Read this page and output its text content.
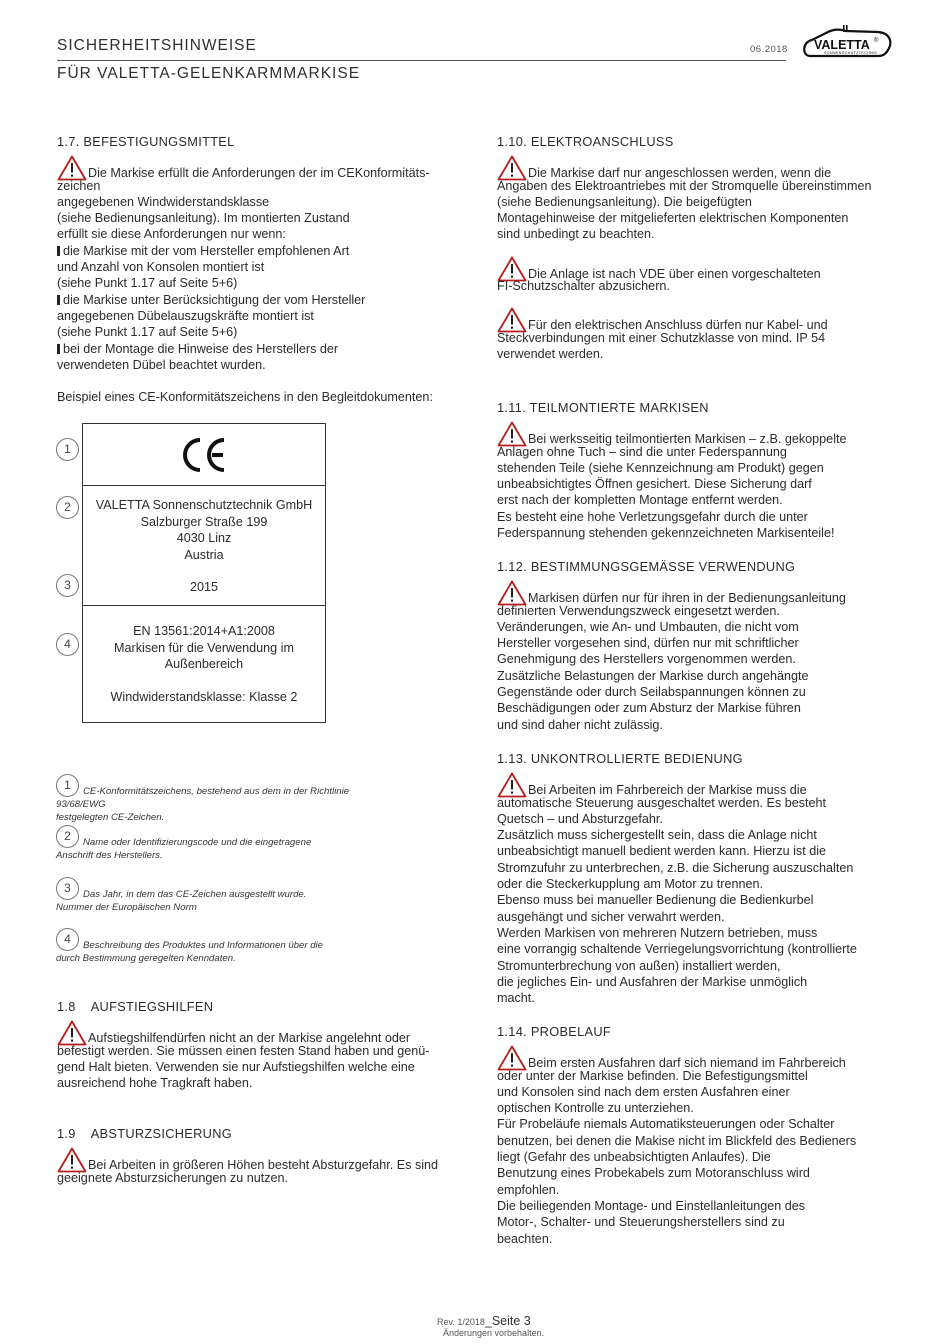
SICHERHEITSHINWEISE
FÜR VALETTA-GELENKARMMARKISE
06.2018 VALETTA ®
SONNENSCHUTZTECHNIK

1.7. BEFESTIGUNGSMITTEL

Die Markise erfüllt die Anforderungen der im CEKonformitäts-

zeichen

angegebenen Windwiderstandsklasse

(siehe Bedienungsanleitung). Im montierten Zustand

erfüllt sie diese Anforderungen nur wenn:

die Markise mit der vom Hersteller empfohlenen Art

und Anzahl von Konsolen montiert ist

(siehe Punkt 1.17 auf Seite 5+6)

die Markise unter Berücksichtigung der vom Hersteller

angegebenen Dübelauszugskräfte montiert ist

(siehe Punkt 1.17 auf Seite 5+6)

bei der Montage die Hinweise des Herstellers der

verwendeten Dübel beachtet wurden.

Beispiel eines CE-Konformitätszeichens in den Begleitdokumenten:

VALETTA Sonnenschutztechnik GmbH
Salzburger Straße 199
4030 Linz
Austria
2015
EN 13561:2014+A1:2008
Markisen für die Verwendung im
Außenbereich
Windwiderstandsklasse: Klasse 2
1
2
3
4
1	CE-Konformitätszeichens, bestehend aus dem in der Richtlinie 93/68/EWG
festgelegten CE-Zeichen.
2	Name oder Identifizierungscode und die eingetragene
Anschrift des Herstellers.
3	Das Jahr, in dem das CE-Zeichen ausgestellt wurde.
Nummer der Europäischen Norm
4	Beschreibung des Produktes und Informationen über die
durch Bestimmung geregelten Kenndaten.

1.8 AUFSTIEGSHILFEN

Aufstiegshilfendürfen nicht an der Markise angelehnt oder

befestigt werden. Sie müssen einen festen Stand haben und genü-

gend Halt bieten. Verwenden sie nur Aufstiegshilfen welche eine

ausreichend hohe Tragkraft haben.

1.9 ABSTURZSICHERUNG

Bei Arbeiten in größeren Höhen besteht Absturzgefahr. Es sind

geeignete Absturzsicherungen zu nutzen.

1.10. ELEKTROANSCHLUSS

Die Markise darf nur angeschlossen werden, wenn die

Angaben des Elektroantriebes mit der Stromquelle übereinstimmen

(siehe Bedienungsanleitung). Die beigefügten

Montagehinweise der mitgelieferten elektrischen Komponenten

sind unbedingt zu beachten.

Die Anlage ist nach VDE über einen vorgeschalteten

FI-Schutzschalter abzusichern.

Für den elektrischen Anschluss dürfen nur Kabel- und

Steckverbindungen mit einer Schutzklasse von mind. IP 54

verwendet werden.

1.11. TEILMONTIERTE MARKISEN

Bei werksseitig teilmontierten Markisen – z.B. gekoppelte

Anlagen ohne Tuch – sind die unter Federspannung

stehenden Teile (siehe Kennzeichnung am Produkt) gegen

unbeabsichtigtes Öffnen gesichert. Diese Sicherung darf

erst nach der kompletten Montage entfernt werden.

Es besteht eine hohe Verletzungsgefahr durch die unter

Federspannung stehenden gekennzeichneten Markisenteile!

1.12. BESTIMMUNGSGEMÄSSE VERWENDUNG

Markisen dürfen nur für ihren in der Bedienungsanleitung

definierten Verwendungszweck eingesetzt werden.

Veränderungen, wie An- und Umbauten, die nicht vom

Hersteller vorgesehen sind, dürfen nur mit schriftlicher

Genehmigung des Herstellers vorgenommen werden.

Zusätzliche Belastungen der Markise durch angehängte

Gegenstände oder durch Seilabspannungen können zu

Beschädigungen oder zum Absturz der Markise führen

und sind daher nicht zulässig.

1.13. UNKONTROLLIERTE BEDIENUNG

Bei Arbeiten im Fahrbereich der Markise muss die

automatische Steuerung ausgeschaltet werden. Es besteht

Quetsch – und Absturzgefahr.

Zusätzlich muss sichergestellt sein, dass die Anlage nicht

unbeabsichtigt manuell bedient werden kann. Hierzu ist die

Stromzufuhr zu unterbrechen, z.B. die Sicherung auszuschalten

oder die Steckerkupplung am Motor zu trennen.

Ebenso muss bei manueller Bedienung die Bedienkurbel

ausgehängt und sicher verwahrt werden.

Werden Markisen von mehreren Nutzern betrieben, muss

eine vorrangig schaltende Verriegelungsvorrichtung (kontrollierte

Stromunterbrechung von außen) installiert werden,

die jegliches Ein- und Ausfahren der Markise unmöglich

macht.

1.14. PROBELAUF

Beim ersten Ausfahren darf sich niemand im Fahrbereich

oder unter der Markise befinden. Die Befestigungsmittel

und Konsolen sind nach dem ersten Ausfahren einer

optischen Kontrolle zu unterziehen.

Für Probeläufe niemals Automatiksteuerungen oder Schalter

benutzen, bei denen die Makise nicht im Blickfeld des Bedieners

liegt (Gefahr des unbeabsichtigten Anlaufes). Die

Benutzung eines Probekabels zum Motoranschluss wird

empfohlen.

Die beiliegenden Montage- und Einstellanleitungen des

Motor-, Schalter- und Steuerungsherstellers sind zu

beachten.

Rev. 1/2018_Seite 3
Änderungen vorbehalten.
